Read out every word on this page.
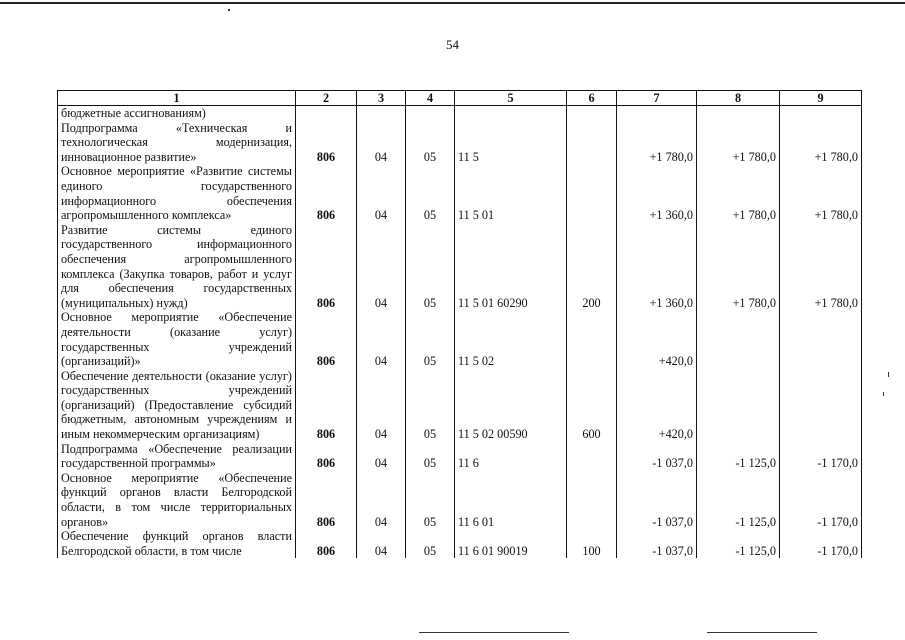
54
1	2	3	4	5	6	7	8	9
бюджетные ассигнованиям)								
Подпрограмма «Техническая и технологическая модернизация, инновационное развитие»	806	04	05	11 5		+1 780,0	+1 780,0	+1 780,0
Основное мероприятие «Развитие системы единого государственного информационного обеспечения агропромышленного комплекса»	806	04	05	11 5 01		+1 360,0	+1 780,0	+1 780,0
Развитие системы единого государственного информационного обеспечения агропромышленного комплекса (Закупка товаров, работ и услуг для обеспечения государственных (муниципальных) нужд)	806	04	05	11 5 01 60290	200	+1 360,0	+1 780,0	+1 780,0
Основное мероприятие «Обеспечение деятельности (оказание услуг) государственных учреждений (организаций)»	806	04	05	11 5 02		+420,0		
Обеспечение деятельности (оказание услуг) государственных учреждений (организаций) (Предоставление субсидий бюджетным, автономным учреждениям и иным некоммерческим организациям)	806	04	05	11 5 02 00590	600	+420,0		
Подпрограмма «Обеспечение реализации государственной программы»	806	04	05	11 6		-1 037,0	-1 125,0	-1 170,0
Основное мероприятие «Обеспечение функций органов власти Белгородской области, в том числе территориальных органов»	806	04	05	11 6 01		-1 037,0	-1 125,0	-1 170,0
Обеспечение функций органов власти Белгородской области, в том числе	806	04	05	11 6 01 90019	100	-1 037,0	-1 125,0	-1 170,0
